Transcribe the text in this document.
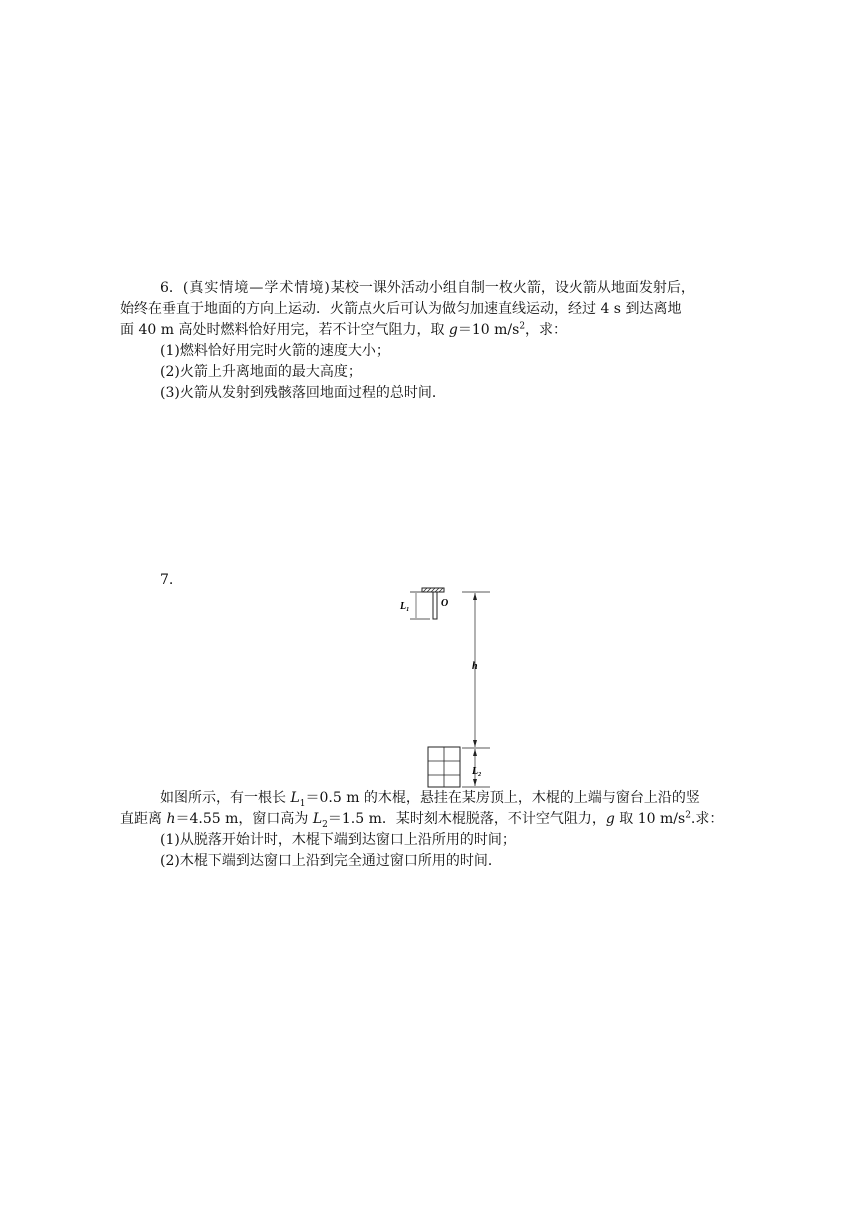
6．(真实情境—学术情境)某校一课外活动小组自制一枚火箭，设火箭从地面发射后，
始终在垂直于地面的方向上运动．火箭点火后可认为做匀加速直线运动，经过 4 s 到达离地
面 40 m 高处时燃料恰好用完，若不计空气阻力，取 g＝10 $m/s^2$，求：
(1)燃料恰好用完时火箭的速度大小；
(2)火箭上升离地面的最大高度；
(3)火箭从发射到残骸落回地面过程的总时间．
7.
$L_1$
O
h
$L_2$
如图所示，有一根长 $L_1=0.5$ m 的木棍，悬挂在某房顶上，木棍的上端与窗台上沿的竖
直距离 h＝4.55 m，窗口高为 $L_2=1.5$ m．某时刻木棍脱落，不计空气阻力，g 取 10 $m/s^2$.求：
(1)从脱落开始计时，木棍下端到达窗口上沿所用的时间；
(2)木棍下端到达窗口上沿到完全通过窗口所用的时间．
